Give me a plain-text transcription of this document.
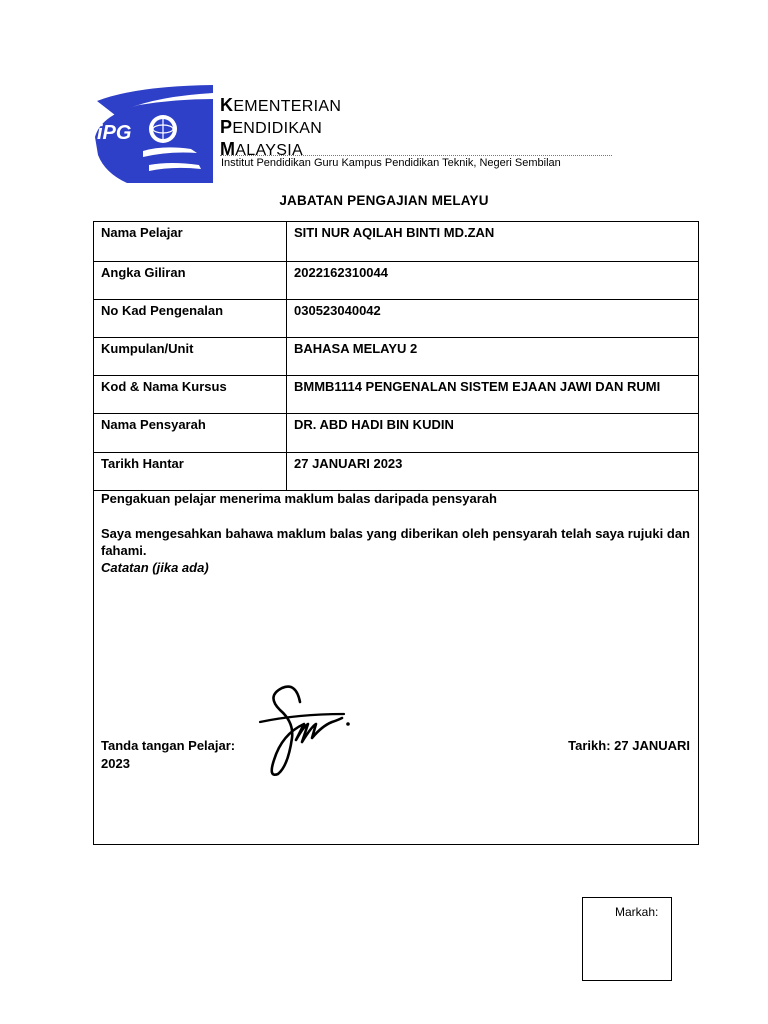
iPG
KEMENTERIAN
PENDIDIKAN
MALAYSIA
Institut Pendidikan Guru Kampus Pendidikan Teknik, Negeri Sembilan
JABATAN PENGAJIAN MELAYU
Nama Pelajar	SITI NUR AQILAH BINTI MD.ZAN
Angka Giliran	2022162310044
No Kad Pengenalan	030523040042
Kumpulan/Unit	BAHASA MELAYU 2
Kod & Nama Kursus	BMMB1114 PENGENALAN SISTEM EJAAN JAWI DAN RUMI
Nama Pensyarah	DR. ABD HADI BIN KUDIN
Tarikh Hantar	27 JANUARI 2023
Pengakuan pelajar menerima maklum balas daripada pensyarah
Saya mengesahkan bahawa maklum balas yang diberikan oleh pensyarah telah saya rujuki dan fahami.
Catatan (jika ada)
Tanda tangan Pelajar:	Tarikh: 27 JANUARI
2023
Markah:
